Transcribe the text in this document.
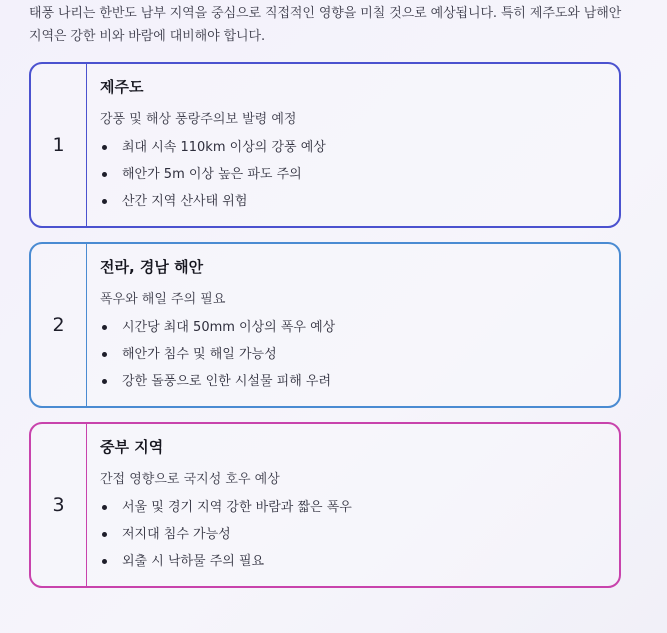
태풍 나리는 한반도 남부 지역을 중심으로 직접적인 영향을 미칠 것으로 예상됩니다. 특히 제주도와 남해안 지역은 강한 비와 바람에 대비해야 합니다.
1
제주도
강풍 및 해상 풍랑주의보 발령 예정
최대 시속 110km 이상의 강풍 예상
해안가 5m 이상 높은 파도 주의
산간 지역 산사태 위험
2
전라, 경남 해안
폭우와 해일 주의 필요
시간당 최대 50mm 이상의 폭우 예상
해안가 침수 및 해일 가능성
강한 돌풍으로 인한 시설물 피해 우려
3
중부 지역
간접 영향으로 국지성 호우 예상
서울 및 경기 지역 강한 바람과 짧은 폭우
저지대 침수 가능성
외출 시 낙하물 주의 필요
